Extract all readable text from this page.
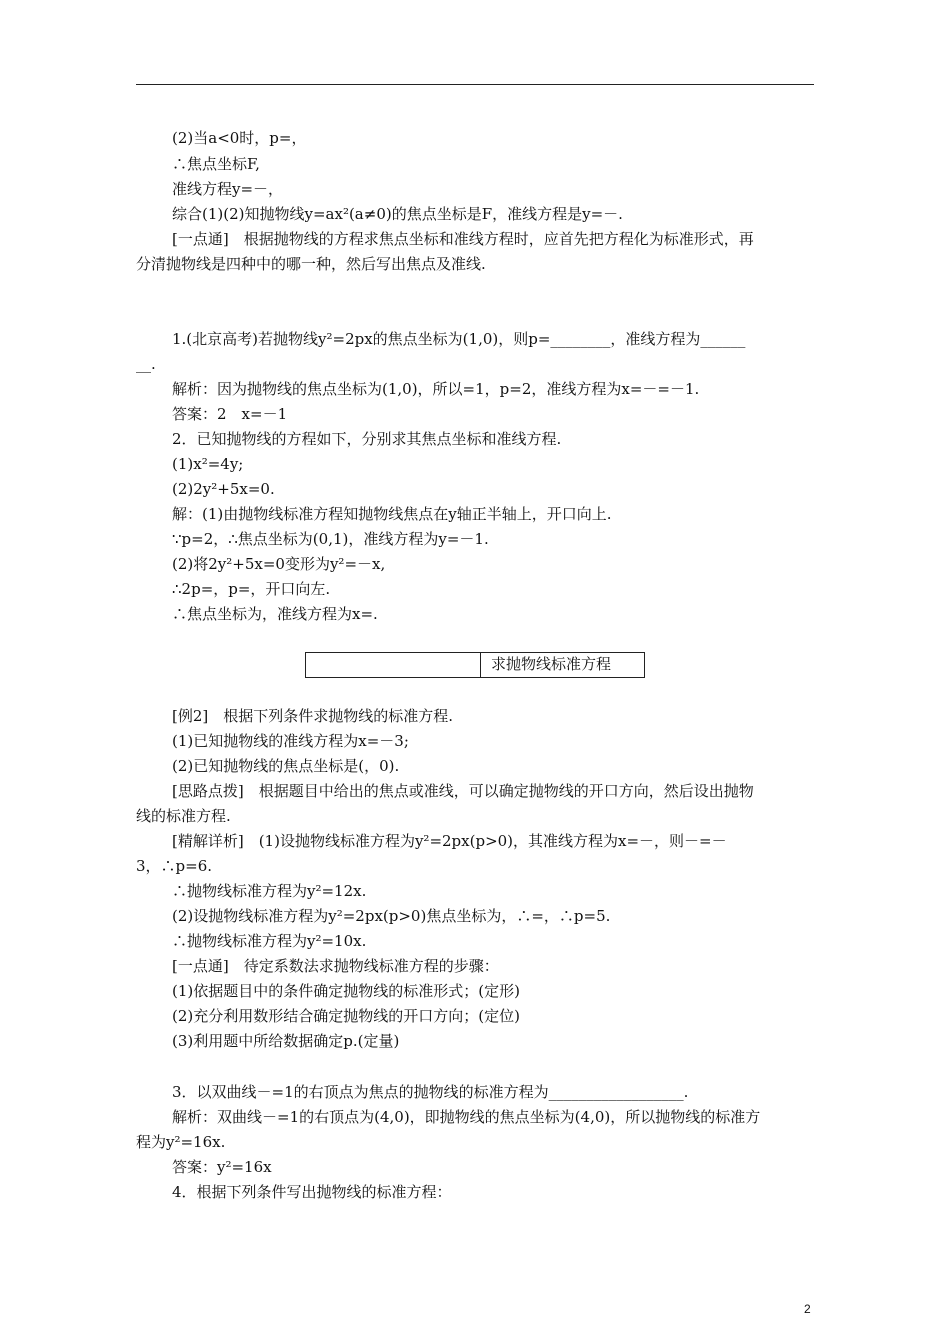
(2)当a<0时，p=，
∴焦点坐标F,
准线方程y=－，
综合(1)(2)知抛物线y=ax²(a≠0)的焦点坐标是F，准线方程是y=－.
[一点通]　根据抛物线的方程求焦点坐标和准线方程时，应首先把方程化为标准形式，再
分清抛物线是四种中的哪一种，然后写出焦点及准线.
1.(北京高考)若抛物线y²=2px的焦点坐标为(1,0)，则p=________，准线方程为______
__.
解析：因为抛物线的焦点坐标为(1,0)，所以=1，p=2，准线方程为x=－=－1.
答案：2　x=－1
2．已知抛物线的方程如下，分别求其焦点坐标和准线方程.
(1)x²=4y;
(2)2y²+5x=0.
解：(1)由抛物线标准方程知抛物线焦点在y轴正半轴上，开口向上.
∵p=2，∴焦点坐标为(0,1)，准线方程为y=－1.
(2)将2y²+5x=0变形为y²=－x,
∴2p=，p=，开口向左.
∴焦点坐标为，准线方程为x=.
求抛物线标准方程
[例2]　根据下列条件求抛物线的标准方程.
(1)已知抛物线的准线方程为x=－3;
(2)已知抛物线的焦点坐标是(，0).
[思路点拨]　根据题目中给出的焦点或准线，可以确定抛物线的开口方向，然后设出抛物
线的标准方程.
[精解详析]　(1)设抛物线标准方程为y²=2px(p>0)，其准线方程为x=－，则－=－
3，∴p=6.
∴抛物线标准方程为y²=12x.
(2)设抛物线标准方程为y²=2px(p>0)焦点坐标为，∴=，∴p=5.
∴抛物线标准方程为y²=10x.
[一点通]　待定系数法求抛物线标准方程的步骤：
(1)依据题目中的条件确定抛物线的标准形式；(定形)
(2)充分利用数形结合确定抛物线的开口方向；(定位)
(3)利用题中所给数据确定p.(定量)
3．以双曲线－=1的右顶点为焦点的抛物线的标准方程为__________________.
解析：双曲线－=1的右顶点为(4,0)，即抛物线的焦点坐标为(4,0)，所以抛物线的标准方
程为y²=16x.
答案：y²=16x
4．根据下列条件写出抛物线的标准方程：
2
